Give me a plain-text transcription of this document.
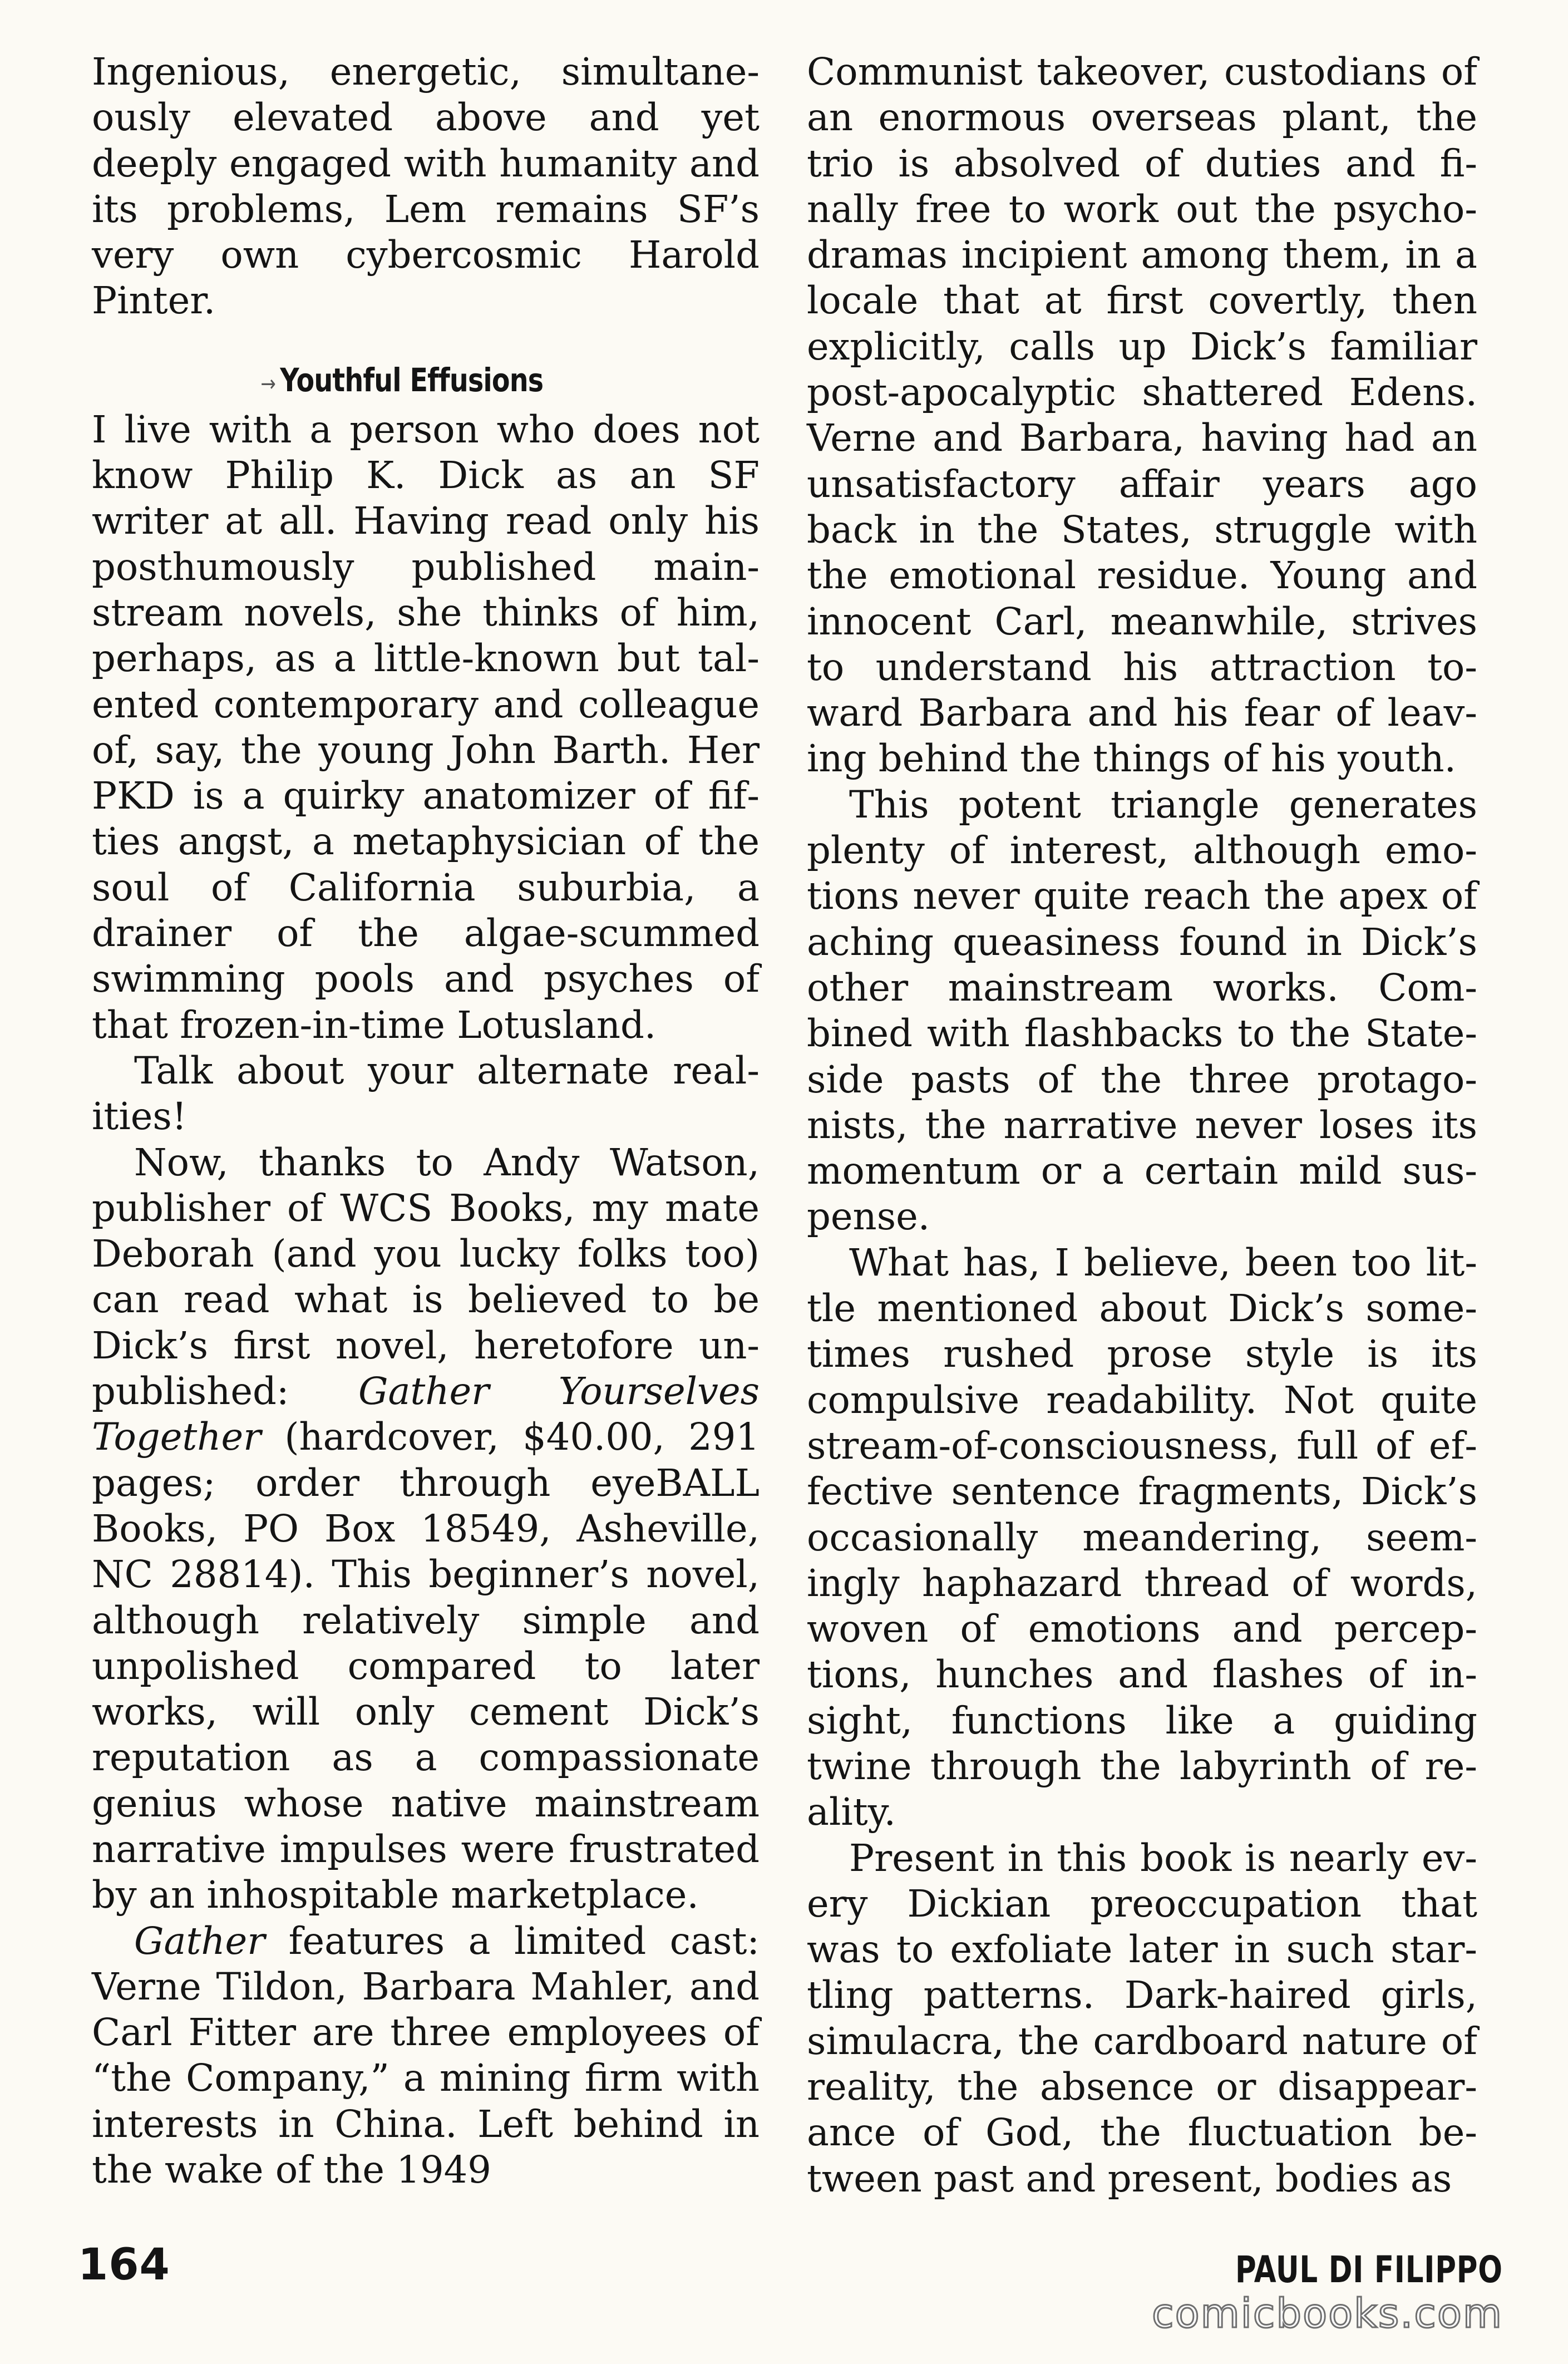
Ingenious, energetic, simultaneously elevated above and yet deeply engaged with humanity and its problems, Lem remains SF’s very own cybercosmic Harold Pinter.

→ Youthful Effusions

I live with a person who does not know Philip K. Dick as an SF writer at all. Having read only his posthumously published mainstream novels, she thinks of him, perhaps, as a little-known but talented contemporary and colleague of, say, the young John Barth. Her PKD is a quirky anatomizer of fifties angst, a metaphysician of the soul of California suburbia, a drainer of the algae-scummed swimming pools and psyches of that frozen-in-time Lotusland.

Talk about your alternate realities!

Now, thanks to Andy Watson, publisher of WCS Books, my mate Deborah (and you lucky folks too) can read what is believed to be Dick’s first novel, heretofore unpublished: Gather Yourselves Together (hardcover, $40.00, 291 pages; order through eyeBALL Books, PO Box 18549, Asheville, NC 28814). This beginner’s novel, although relatively simple and unpolished compared to later works, will only cement Dick’s reputation as a compassionate genius whose native mainstream narrative impulses were frustrated by an inhospitable marketplace.

Gather features a limited cast: Verne Tildon, Barbara Mahler, and Carl Fitter are three employees of “the Company,” a mining firm with interests in China. Left behind in the wake of the 1949

Communist takeover, custodians of an enormous overseas plant, the trio is absolved of duties and finally free to work out the psychodramas incipient among them, in a locale that at first covertly, then explicitly, calls up Dick’s familiar post-apocalyptic shattered Edens. Verne and Barbara, having had an unsatisfactory affair years ago back in the States, struggle with the emotional residue. Young and innocent Carl, meanwhile, strives to understand his attraction toward Barbara and his fear of leaving behind the things of his youth.

This potent triangle generates plenty of interest, although emotions never quite reach the apex of aching queasiness found in Dick’s other mainstream works. Combined with flashbacks to the Stateside pasts of the three protagonists, the narrative never loses its momentum or a certain mild suspense.

What has, I believe, been too little mentioned about Dick’s sometimes rushed prose style is its compulsive readability. Not quite stream-of-consciousness, full of effective sentence fragments, Dick’s occasionally meandering, seemingly haphazard thread of words, woven of emotions and perceptions, hunches and flashes of insight, functions like a guiding twine through the labyrinth of reality.

Present in this book is nearly every Dickian preoccupation that was to exfoliate later in such startling patterns. Dark-haired girls, simulacra, the cardboard nature of reality, the absence or disappearance of God, the fluctuation between past and present, bodies as

164	PAUL DI FILIPPO
comicbooks.com
